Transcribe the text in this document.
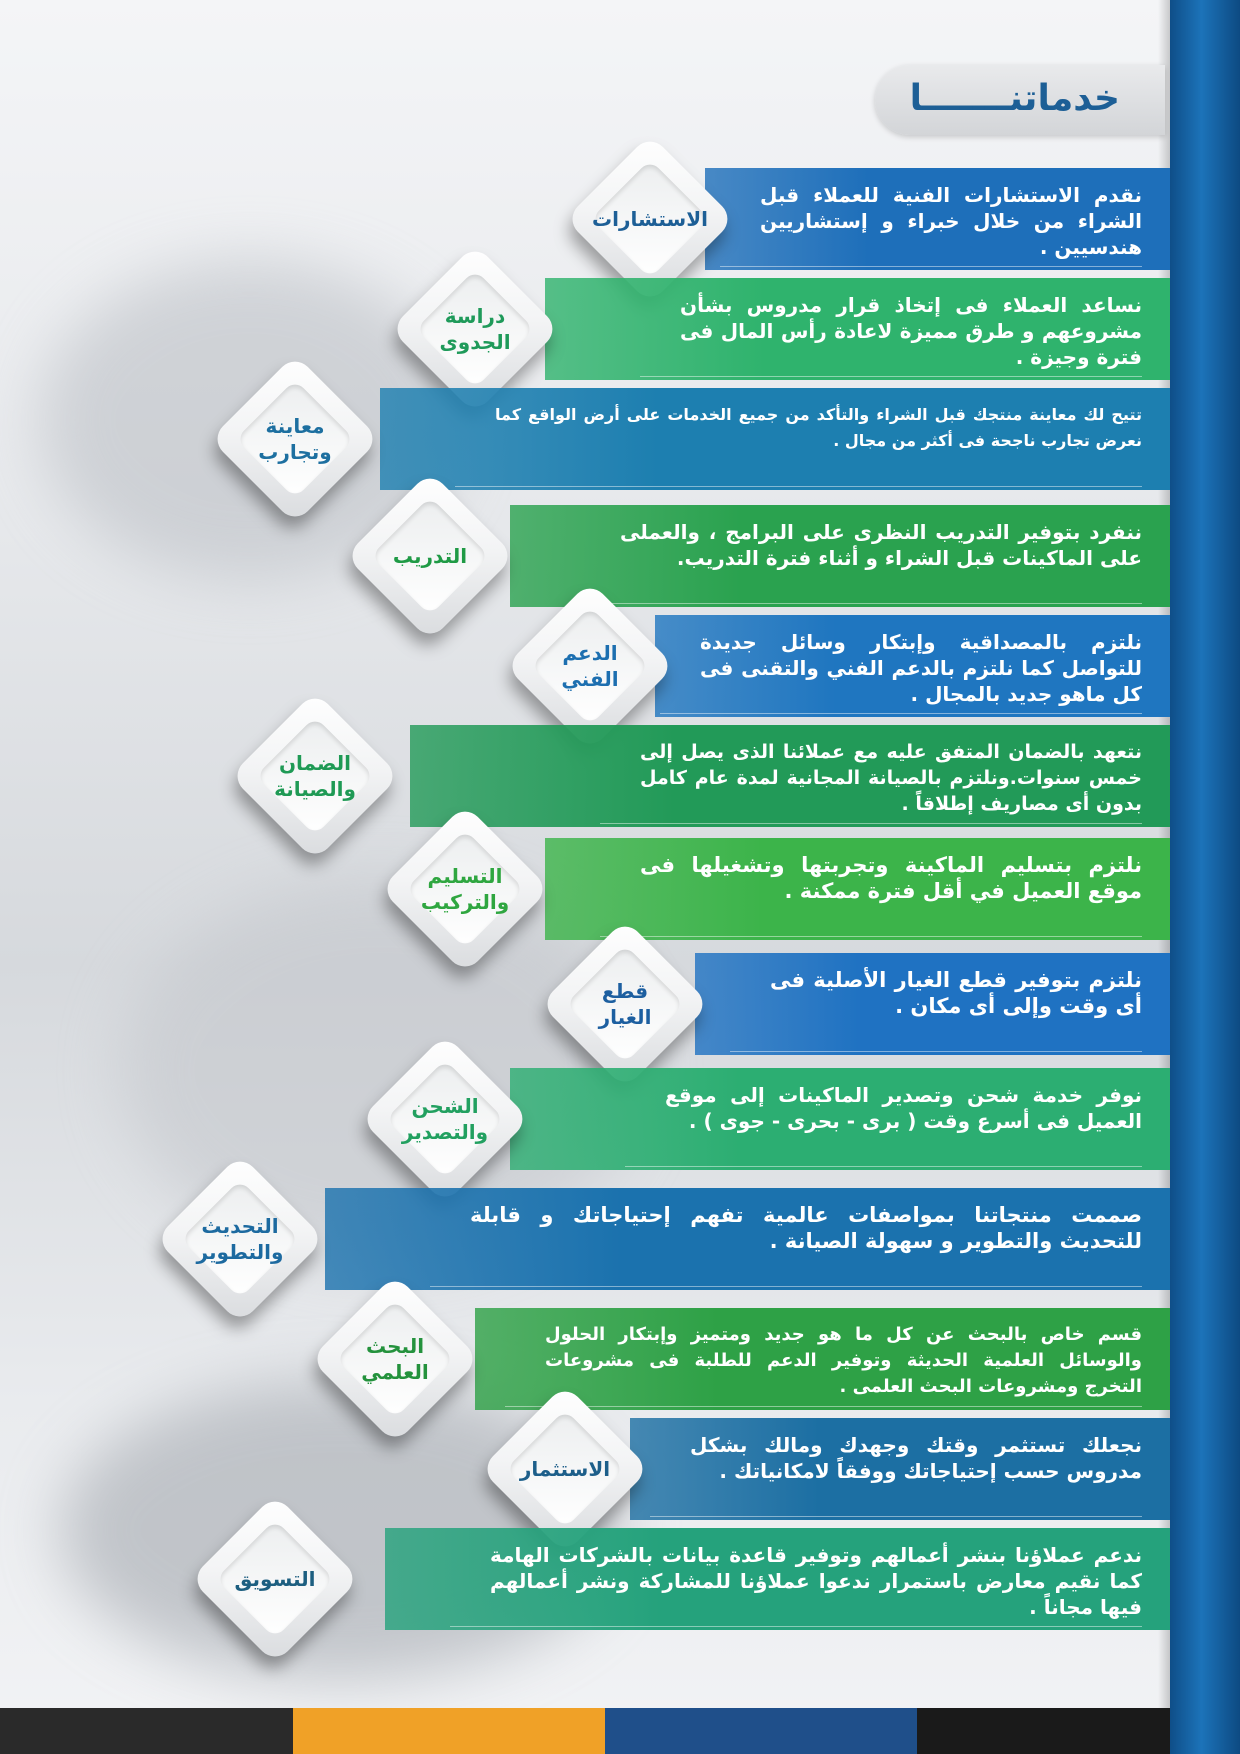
خدماتنـــــــا
نقدم الاستشارات الفنية للعملاء قبل الشراء من خلال خبراء و إستشاريين هندسيين .
الاستشارات
نساعد العملاء فى إتخاذ قرار مدروس بشأن مشروعهم و طرق مميزة لاعادة رأس المال فى فترة وجيزة .
دراسة
الجدوى
تتيح لك معاينة منتجك قبل الشراء والتأكد من جميع الخدمات على أرض الواقع كما نعرض تجارب ناجحة فى أكثر من مجال .
معاينة
وتجارب
ننفرد بتوفير التدريب النظرى على البرامج ، والعملى على الماكينات قبل الشراء و أثناء فترة التدريب.
التدريب
نلتزم بالمصداقية وإبتكار وسائل جديدة للتواصل كما نلتزم بالدعم الفني والتقنى فى كل ماهو جديد بالمجال .
الدعم
الفني
نتعهد بالضمان المتفق عليه مع عملائنا الذى يصل إلى خمس سنوات.ونلتزم بالصيانة المجانية لمدة عام كامل بدون أى مصاريف إطلاقاً .
الضمان
والصيانة
نلتزم بتسليم الماكينة وتجربتها وتشغيلها فى موقع العميل في أقل فترة ممكنة .
التسليم
والتركيب
نلتزم بتوفير قطع الغيار الأصلية فى أى وقت وإلى أى مكان .
قطع
الغيار
نوفر خدمة شحن وتصدير الماكينات إلى موقع العميل فى أسرع وقت ( برى - بحرى - جوى ) .
الشحن
والتصدير
صممت منتجاتنا بمواصفات عالمية تفهم إحتياجاتك و قابلة للتحديث والتطوير و سهولة الصيانة .
التحديث
والتطوير
قسم خاص بالبحث عن كل ما هو جديد ومتميز وإبتكار الحلول والوسائل العلمية الحديثة وتوفير الدعم للطلبة فى مشروعات التخرج ومشروعات البحث العلمى .
البحث
العلمي
نجعلك تستثمر وقتك وجهدك ومالك بشكل مدروس حسب إحتياجاتك ووفقاً لامكانياتك .
الاستثمار
ندعم عملاؤنا بنشر أعمالهم وتوفير قاعدة بيانات بالشركات الهامة كما نقيم معارض باستمرار ندعوا عملاؤنا للمشاركة ونشر أعمالهم فيها مجاناً .
التسويق
